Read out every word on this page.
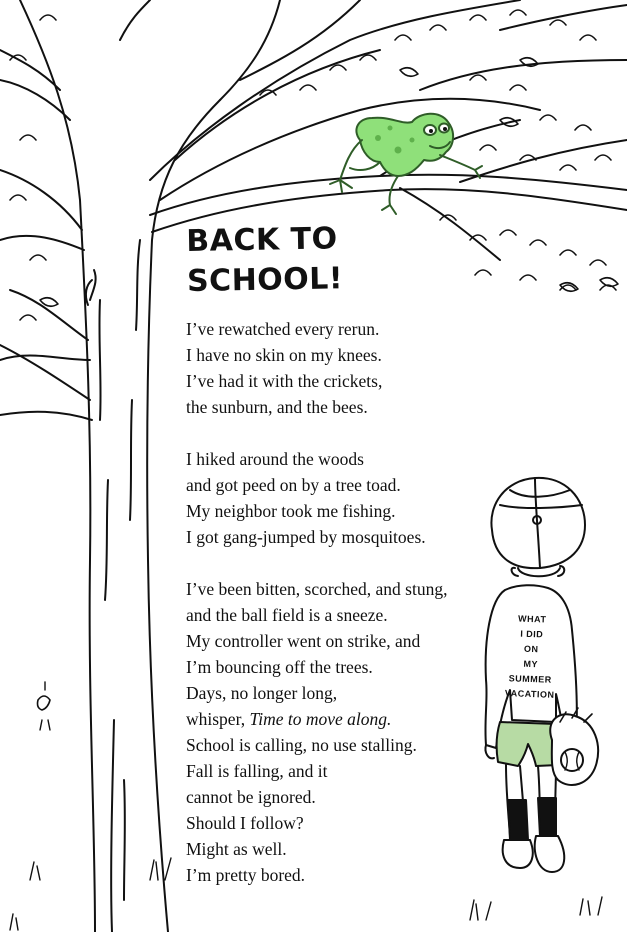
BACK TO
SCHOOL!

I’ve rewatched every rerun.

I have no skin on my knees.

I’ve had it with the crickets,

the sunburn, and the bees.

I hiked around the woods

and got peed on by a tree toad.

My neighbor took me fishing.

I got gang-jumped by mosquitoes.

I’ve been bitten, scorched, and stung,

and the ball field is a sneeze.

My controller went on strike, and

I’m bouncing off the trees.

Days, no longer long,

whisper, Time to move along.

School is calling, no use stalling.

Fall is falling, and it

cannot be ignored.

Should I follow?

Might as well.

I’m pretty bored.

WHAT
I DID
ON
MY
SUMMER
VACATION
